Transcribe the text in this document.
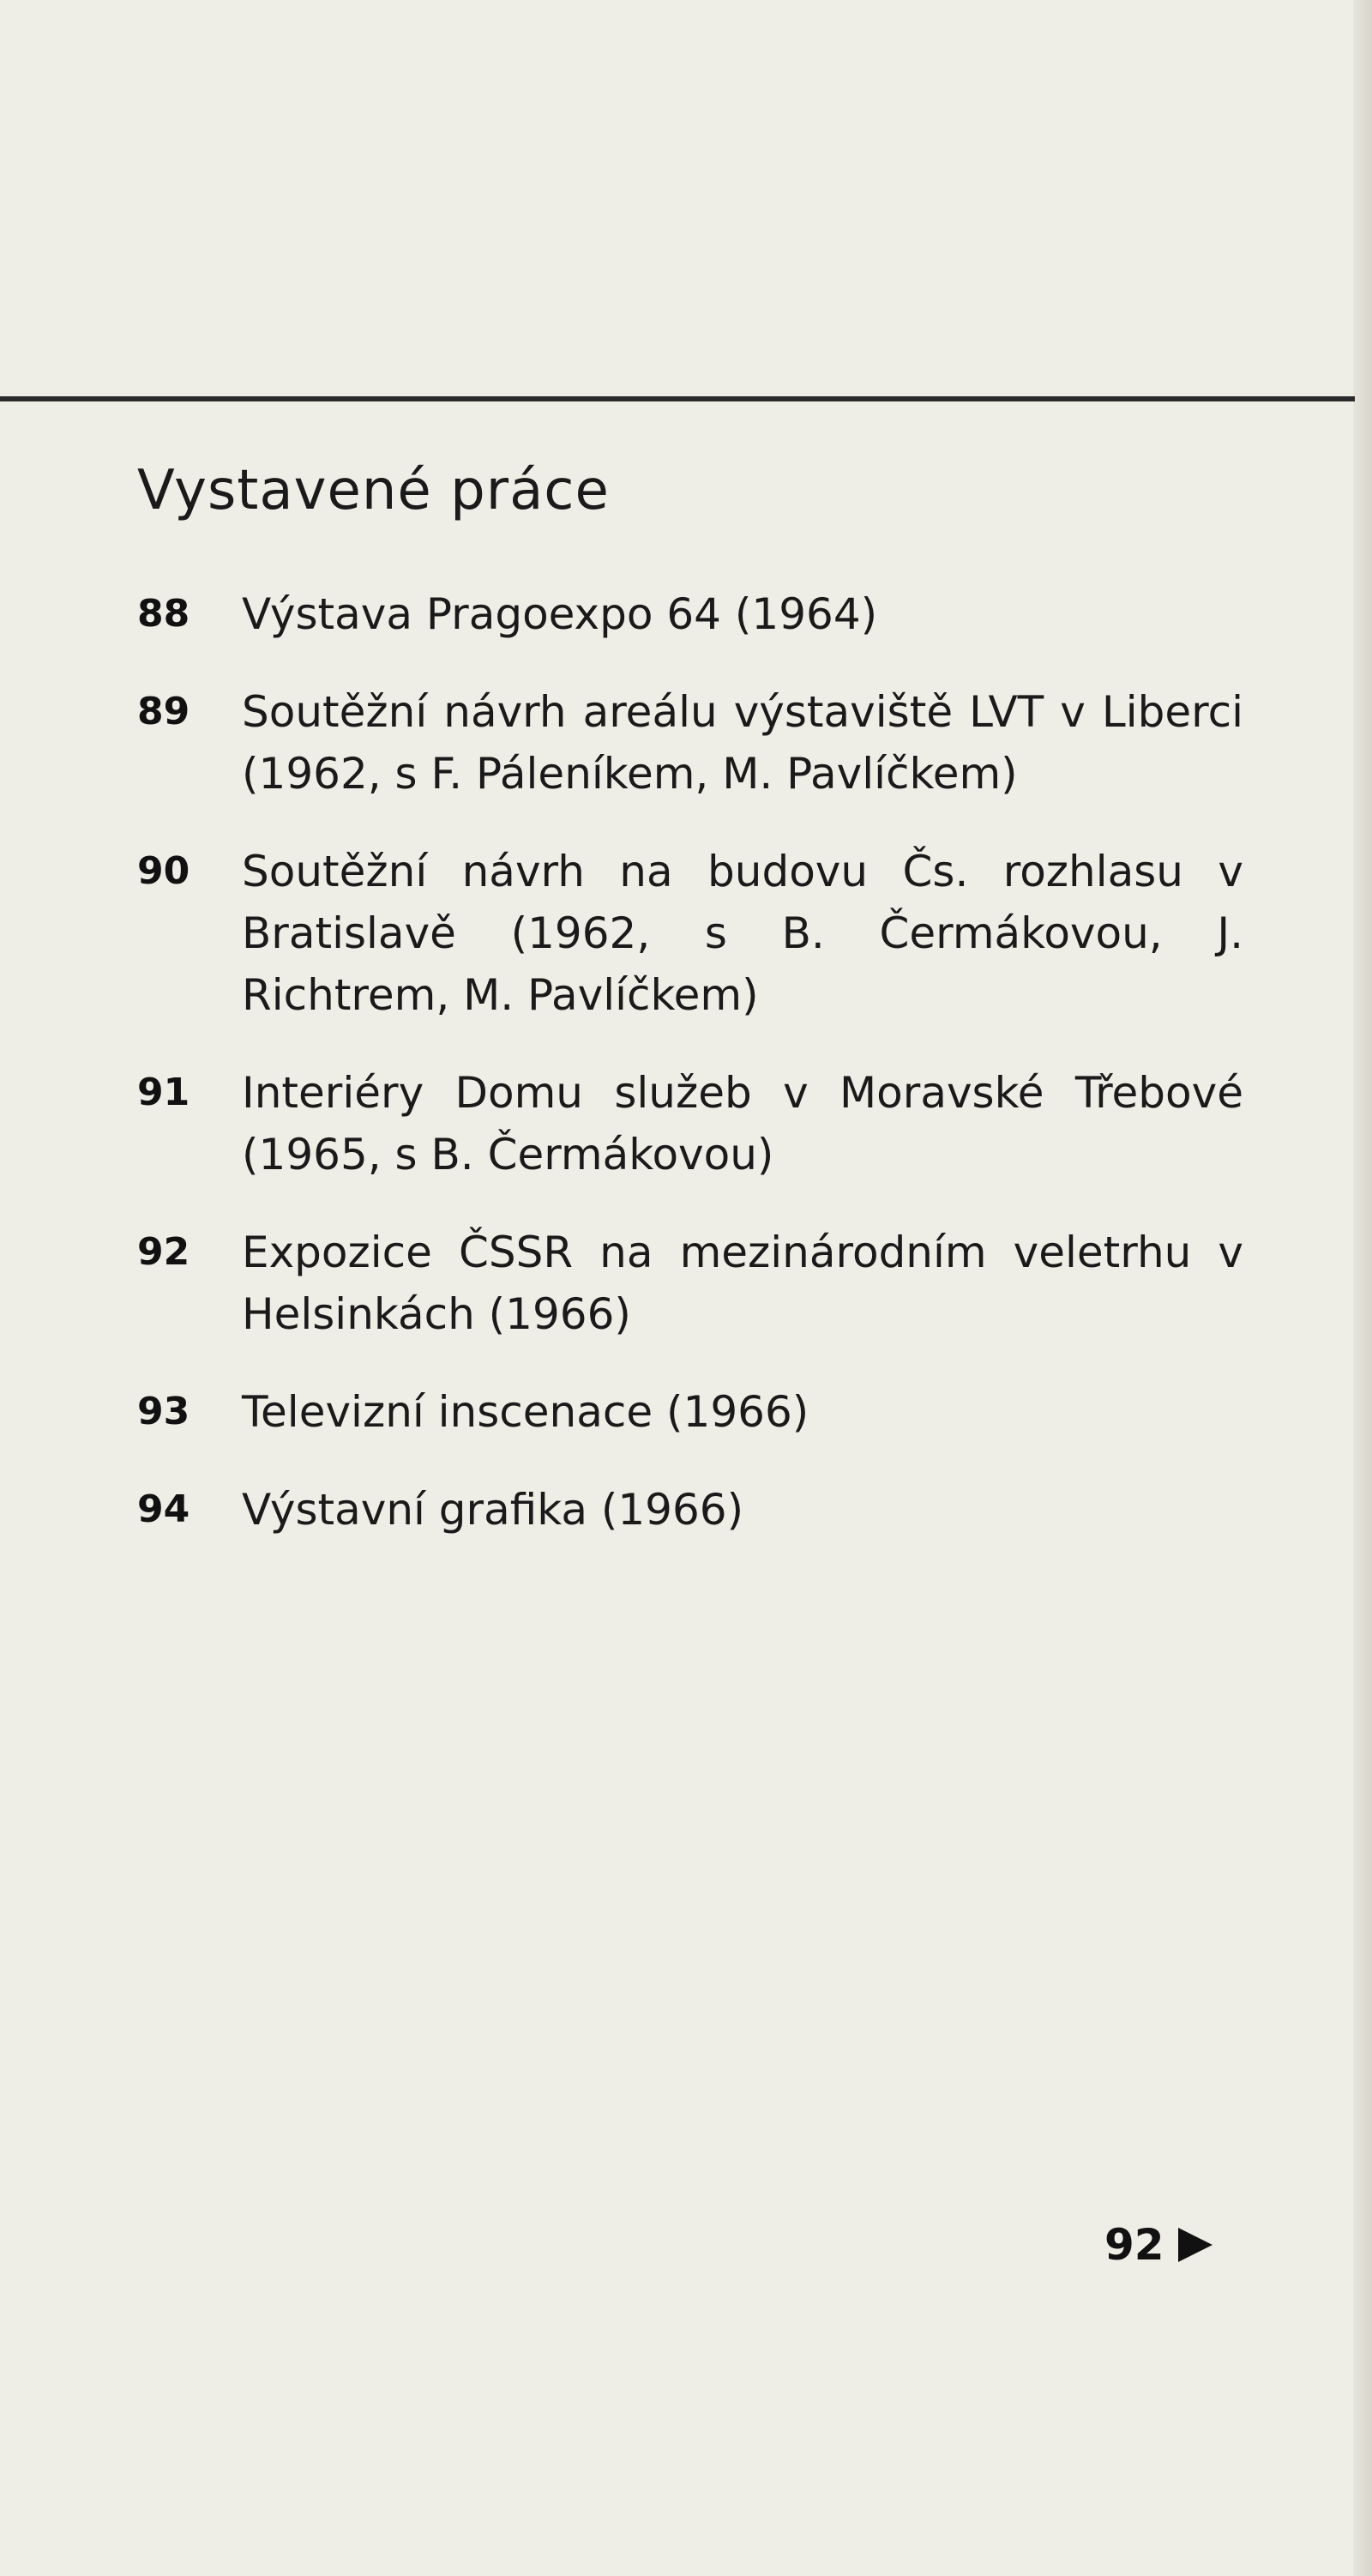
Vystavené práce
88	Výstava Pragoexpo 64 (1964)
89	Soutěžní návrh areálu výstaviště LVT v Liberci (1962, s F. Páleníkem, M. Pavlíčkem)
90	Soutěžní návrh na budovu Čs. rozhlasu v Bratislavě (1962, s B. Čermákovou, J. Richtrem, M. Pavlíčkem)
91	Interiéry Domu služeb v Moravské Třebové (1965, s B. Čermákovou)
92	Expozice ČSSR na mezinárodním veletrhu v Helsinkách (1966)
93	Televizní inscenace (1966)
94	Výstavní grafika (1966)
92
